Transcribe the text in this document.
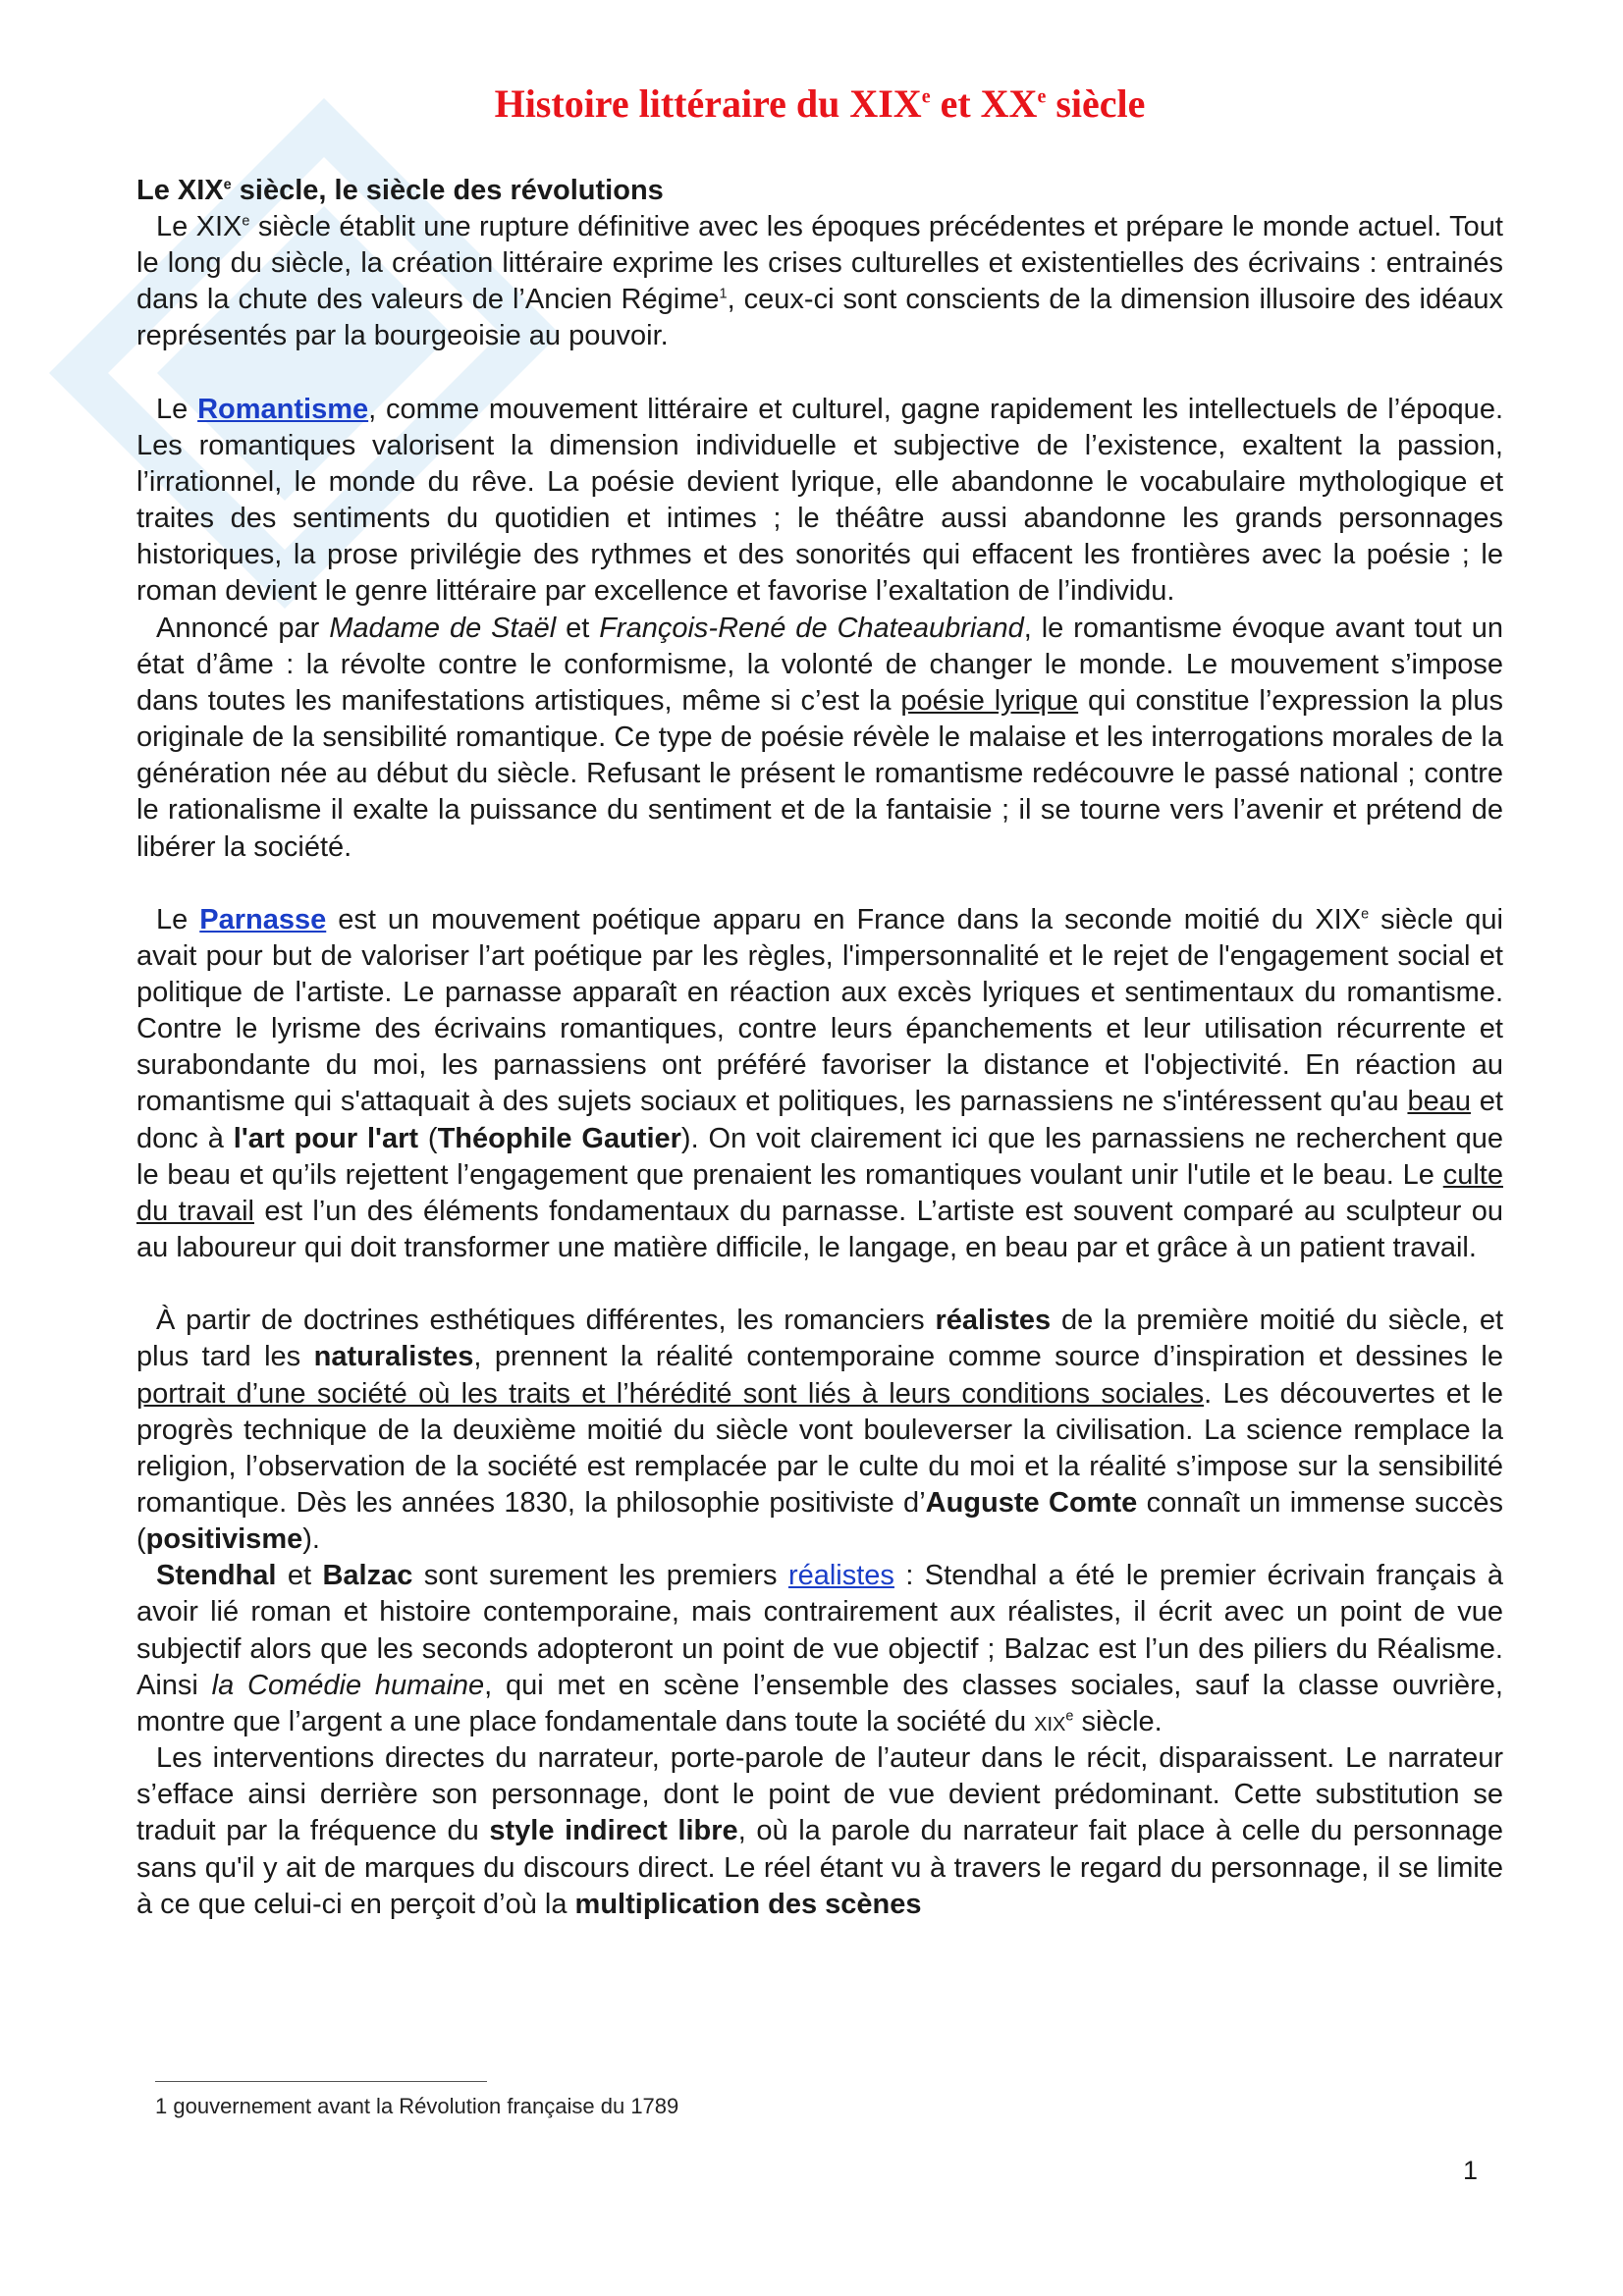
Histoire littéraire du XIXe et XXe siècle
Le XIXe siècle, le siècle des révolutions

Le XIXe siècle établit une rupture définitive avec les époques précédentes et prépare le monde actuel. Tout le long du siècle, la création littéraire exprime les crises culturelles et existentielles des écrivains : entrainés dans la chute des valeurs de l’Ancien Régime$^1$, ceux-ci sont conscients de la dimension illusoire des idéaux représentés par la bourgeoisie au pouvoir.

Le Romantisme, comme mouvement littéraire et culturel, gagne rapidement les intellectuels de l’époque. Les romantiques valorisent la dimension individuelle et subjective de l’existence, exaltent la passion, l’irrationnel, le monde du rêve. La poésie devient lyrique, elle abandonne le vocabulaire mythologique et traites des sentiments du quotidien et intimes ; le théâtre aussi abandonne les grands personnages historiques, la prose privilégie des rythmes et des sonorités qui effacent les frontières avec la poésie ; le roman devient le genre littéraire par excellence et favorise l’exaltation de l’individu.

Annoncé par Madame de Staël et François-René de Chateaubriand, le romantisme évoque avant tout un état d’âme : la révolte contre le conformisme, la volonté de changer le monde. Le mouvement s’impose dans toutes les manifestations artistiques, même si c’est la poésie lyrique qui constitue l’expression la plus originale de la sensibilité romantique. Ce type de poésie révèle le malaise et les interrogations morales de la génération née au début du siècle. Refusant le présent le romantisme redécouvre le passé national ; contre le rationalisme il exalte la puissance du sentiment et de la fantaisie ; il se tourne vers l’avenir et prétend de libérer la société.

Le Parnasse est un mouvement poétique apparu en France dans la seconde moitié du XIXe siècle qui avait pour but de valoriser l’art poétique par les règles, l'impersonnalité et le rejet de l'engagement social et politique de l'artiste. Le parnasse apparaît en réaction aux excès lyriques et sentimentaux du romantisme. Contre le lyrisme des écrivains romantiques, contre leurs épanchements et leur utilisation récurrente et surabondante du moi, les parnassiens ont préféré favoriser la distance et l'objectivité. En réaction au romantisme qui s'attaquait à des sujets sociaux et politiques, les parnassiens ne s'intéressent qu'au beau et donc à l'art pour l'art (Théophile Gautier). On voit clairement ici que les parnassiens ne recherchent que le beau et qu’ils rejettent l’engagement que prenaient les romantiques voulant unir l'utile et le beau. Le culte du travail est l’un des éléments fondamentaux du parnasse. L’artiste est souvent comparé au sculpteur ou au laboureur qui doit transformer une matière difficile, le langage, en beau par et grâce à un patient travail.

À partir de doctrines esthétiques différentes, les romanciers réalistes de la première moitié du siècle, et plus tard les naturalistes, prennent la réalité contemporaine comme source d’inspiration et dessines le portrait d’une société où les traits et l’hérédité sont liés à leurs conditions sociales. Les découvertes et le progrès technique de la deuxième moitié du siècle vont bouleverser la civilisation. La science remplace la religion, l’observation de la société est remplacée par le culte du moi et la réalité s’impose sur la sensibilité romantique. Dès les années 1830, la philosophie positiviste d’Auguste Comte connaît un immense succès (positivisme).

Stendhal et Balzac sont surement les premiers réalistes : Stendhal a été le premier écrivain français à avoir lié roman et histoire contemporaine, mais contrairement aux réalistes, il écrit avec un point de vue subjectif alors que les seconds adopteront un point de vue objectif ; Balzac est l’un des piliers du Réalisme. Ainsi la Comédie humaine, qui met en scène l’ensemble des classes sociales, sauf la classe ouvrière, montre que l’argent a une place fondamentale dans toute la société du xix$^e$ siècle.

Les interventions directes du narrateur, porte-parole de l’auteur dans le récit, disparaissent. Le narrateur s’efface ainsi derrière son personnage, dont le point de vue devient prédominant. Cette substitution se traduit par la fréquence du style indirect libre, où la parole du narrateur fait place à celle du personnage sans qu'il y ait de marques du discours direct. Le réel étant vu à travers le regard du personnage, il se limite à ce que celui-ci en perçoit d’où la multiplication des scènes

1 gouvernement avant la Révolution française du 1789
1
